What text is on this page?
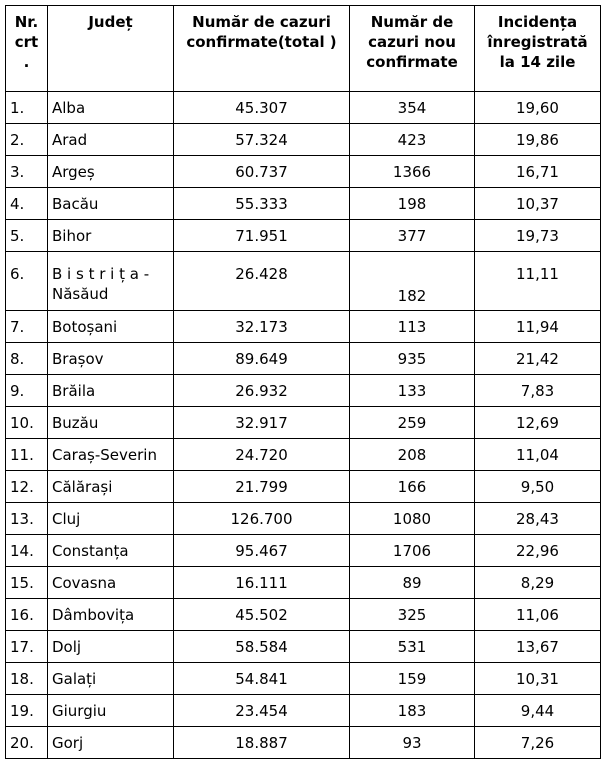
Nr. crt .	Județ	Număr de cazuri confirmate(total )	Număr de cazuri nou confirmate	Incidența înregistrată la 14 zile
1.	Alba	45.307	354	19,60
2.	Arad	57.324	423	19,86
3.	Argeș	60.737	1366	16,71
4.	Bacău	55.333	198	10,37
5.	Bihor	71.951	377	19,73
6.	B i s t r i ț a - Năsăud	26.428	182	11,11
7.	Botoșani	32.173	113	11,94
8.	Brașov	89.649	935	21,42
9.	Brăila	26.932	133	7,83
10.	Buzău	32.917	259	12,69
11.	Caraș-Severin	24.720	208	11,04
12.	Călărași	21.799	166	9,50
13.	Cluj	126.700	1080	28,43
14.	Constanța	95.467	1706	22,96
15.	Covasna	16.111	89	8,29
16.	Dâmbovița	45.502	325	11,06
17.	Dolj	58.584	531	13,67
18.	Galați	54.841	159	10,31
19.	Giurgiu	23.454	183	9,44
20.	Gorj	18.887	93	7,26
